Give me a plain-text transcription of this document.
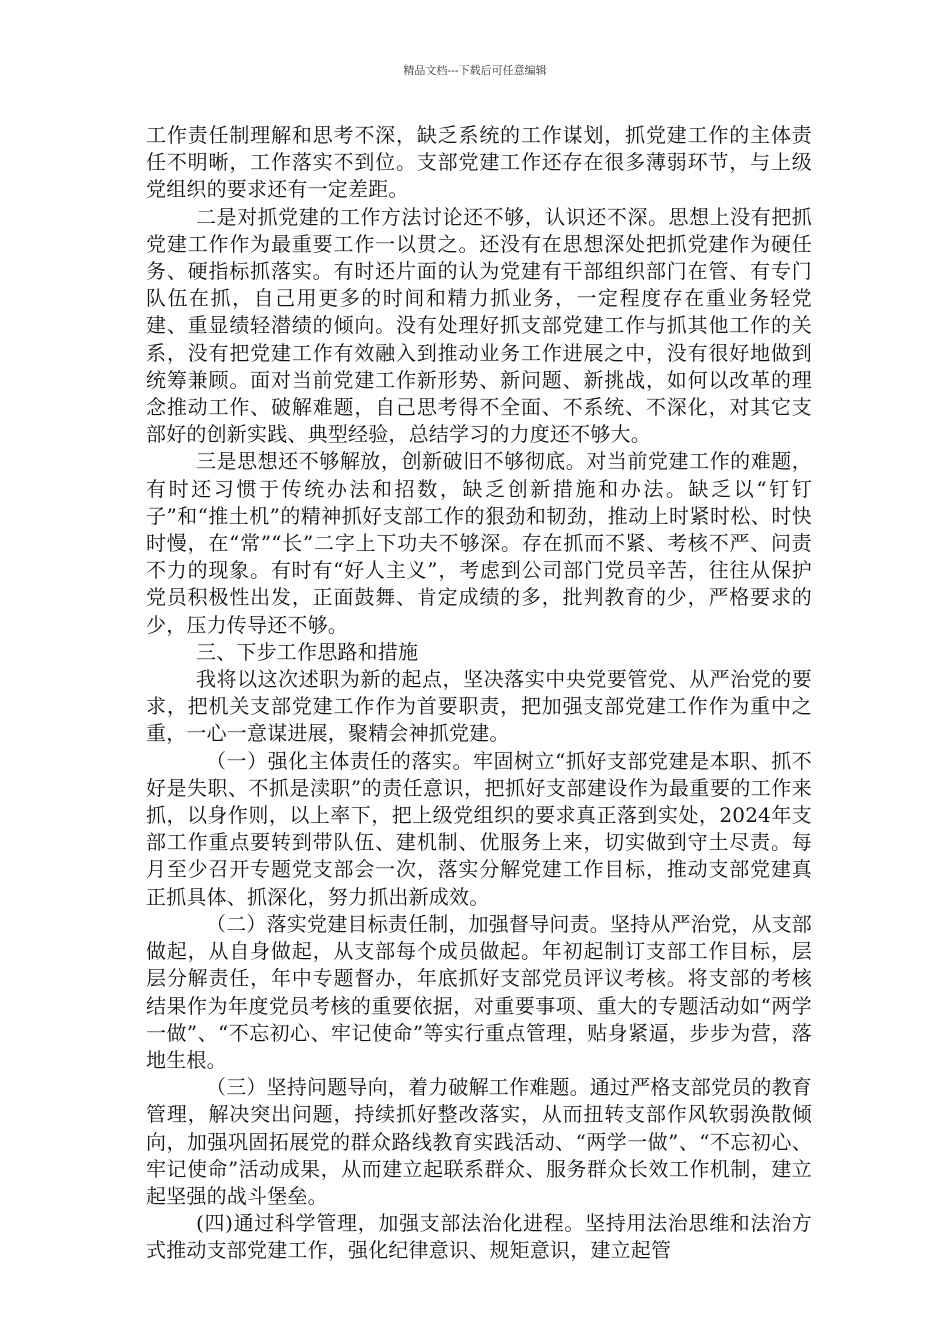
精品文档---下载后可任意编辑

工作责任制理解和思考不深，缺乏系统的工作谋划，抓党建工作的主体责任不明晰，工作落实不到位。支部党建工作还存在很多薄弱环节，与上级党组织的要求还有一定差距。

二是对抓党建的工作方法讨论还不够，认识还不深。思想上没有把抓党建工作作为最重要工作一以贯之。还没有在思想深处把抓党建作为硬任务、硬指标抓落实。有时还片面的认为党建有干部组织部门在管、有专门队伍在抓，自己用更多的时间和精力抓业务，一定程度存在重业务轻党建、重显绩轻潜绩的倾向。没有处理好抓支部党建工作与抓其他工作的关系，没有把党建工作有效融入到推动业务工作进展之中，没有很好地做到统筹兼顾。面对当前党建工作新形势、新问题、新挑战，如何以改革的理念推动工作、破解难题，自己思考得不全面、不系统、不深化，对其它支部好的创新实践、典型经验，总结学习的力度还不够大。

三是思想还不够解放，创新破旧不够彻底。对当前党建工作的难题，有时还习惯于传统办法和招数，缺乏创新措施和办法。缺乏以“钉钉子”和“推土机”的精神抓好支部工作的狠劲和韧劲，推动上时紧时松、时快时慢，在“常”“长”二字上下功夫不够深。存在抓而不紧、考核不严、问责不力的现象。有时有“好人主义”，考虑到公司部门党员辛苦，往往从保护党员积极性出发，正面鼓舞、肯定成绩的多，批判教育的少，严格要求的少，压力传导还不够。

三、下步工作思路和措施

我将以这次述职为新的起点，坚决落实中央党要管党、从严治党的要求，把机关支部党建工作作为首要职责，把加强支部党建工作作为重中之重，一心一意谋进展，聚精会神抓党建。

（一）强化主体责任的落实。牢固树立“抓好支部党建是本职、抓不好是失职、不抓是渎职”的责任意识，把抓好支部建设作为最重要的工作来抓，以身作则，以上率下，把上级党组织的要求真正落到实处，2024年支部工作重点要转到带队伍、建机制、优服务上来，切实做到守土尽责。每月至少召开专题党支部会一次，落实分解党建工作目标，推动支部党建真正抓具体、抓深化，努力抓出新成效。

（二）落实党建目标责任制，加强督导问责。坚持从严治党，从支部做起，从自身做起，从支部每个成员做起。年初起制订支部工作目标，层层分解责任，年中专题督办，年底抓好支部党员评议考核。将支部的考核结果作为年度党员考核的重要依据，对重要事项、重大的专题活动如“两学一做”、“不忘初心、牢记使命”等实行重点管理，贴身紧逼，步步为营，落地生根。

（三）坚持问题导向，着力破解工作难题。通过严格支部党员的教育管理，解决突出问题，持续抓好整改落实，从而扭转支部作风软弱涣散倾向，加强巩固拓展党的群众路线教育实践活动、“两学一做”、“不忘初心、牢记使命”活动成果，从而建立起联系群众、服务群众长效工作机制，建立起坚强的战斗堡垒。

(四)通过科学管理，加强支部法治化进程。坚持用法治思维和法治方式推动支部党建工作，强化纪律意识、规矩意识，建立起管
